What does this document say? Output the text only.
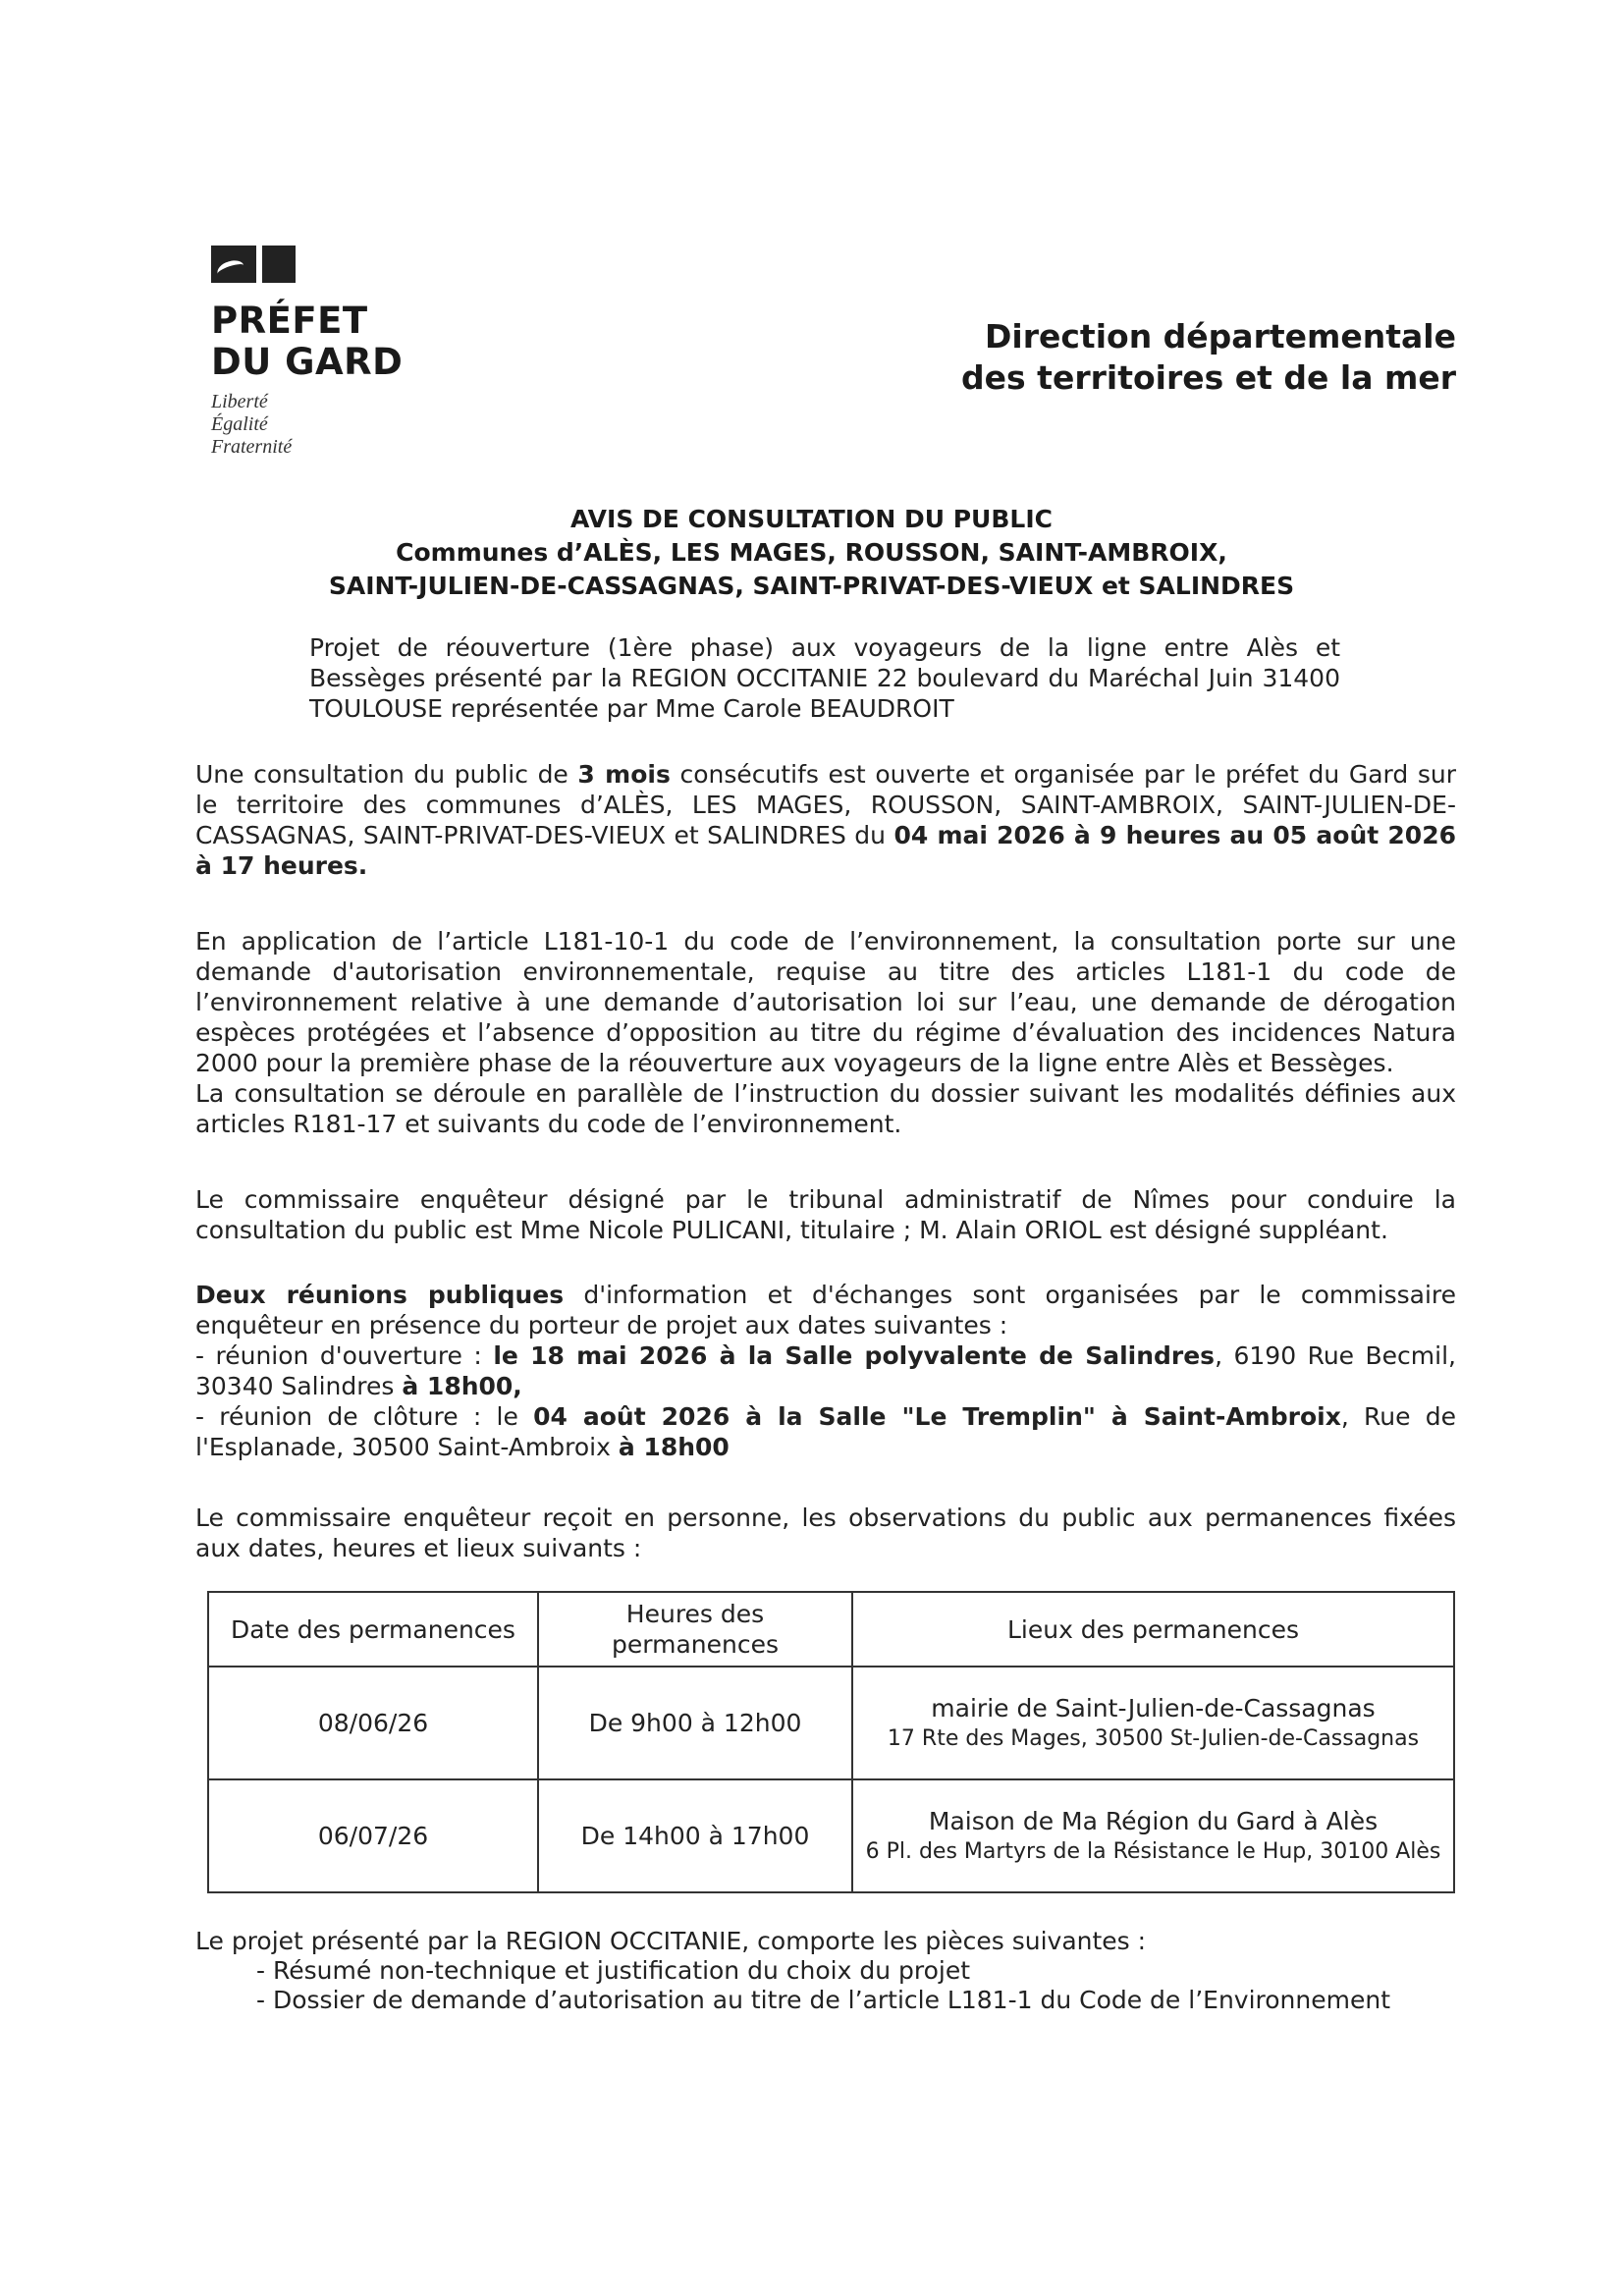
PRÉFET
DU GARD
Liberté
Égalité
Fraternité
Direction départementale
des territoires et de la mer
AVIS DE CONSULTATION DU PUBLIC
Communes d’ALÈS, LES MAGES, ROUSSON, SAINT-AMBROIX,
SAINT-JULIEN-DE-CASSAGNAS, SAINT-PRIVAT-DES-VIEUX et SALINDRES
Projet de réouverture (1ère phase) aux voyageurs de la ligne entre Alès et Bessèges présenté par la REGION OCCITANIE 22 boulevard du Maréchal Juin 31400 TOULOUSE représentée par Mme Carole BEAUDROIT

Une consultation du public de 3 mois consécutifs est ouverte et organisée par le préfet du Gard sur le territoire des communes d’ALÈS, LES MAGES, ROUSSON, SAINT-AMBROIX, SAINT-JULIEN-DE-CASSAGNAS, SAINT-PRIVAT-DES-VIEUX et SALINDRES du 04 mai 2026 à 9 heures au 05 août 2026 à 17 heures.

En application de l’article L181-10-1 du code de l’environnement, la consultation porte sur une demande d'autorisation environnementale, requise au titre des articles L181-1 du code de l’environnement relative à une demande d’autorisation loi sur l’eau, une demande de dérogation espèces protégées et l’absence d’opposition au titre du régime d’évaluation des incidences Natura 2000 pour la première phase de la réouverture aux voyageurs de la ligne entre Alès et Bessèges.

La consultation se déroule en parallèle de l’instruction du dossier suivant les modalités définies aux articles R181-17 et suivants du code de l’environnement.

Le commissaire enquêteur désigné par le tribunal administratif de Nîmes pour conduire la consultation du public est Mme Nicole PULICANI, titulaire ; M. Alain ORIOL est désigné suppléant.

Deux réunions publiques d'information et d'échanges sont organisées par le commissaire enquêteur en présence du porteur de projet aux dates suivantes :

- réunion d'ouverture : le 18 mai 2026 à la Salle polyvalente de Salindres, 6190 Rue Becmil, 30340 Salindres à 18h00,

- réunion de clôture : le 04 août 2026 à la Salle "Le Tremplin" à Saint-Ambroix, Rue de l'Esplanade, 30500 Saint-Ambroix à 18h00

Le commissaire enquêteur reçoit en personne, les observations du public aux permanences fixées aux dates, heures et lieux suivants :

Date des permanences	Heures des permanences	Lieux des permanences
08/06/26	De 9h00 à 12h00	mairie de Saint-Julien-de-Cassagnas
17 Rte des Mages, 30500 St-Julien-de-Cassagnas

06/07/26	De 14h00 à 17h00	Maison de Ma Région du Gard à Alès
6 Pl. des Martyrs de la Résistance le Hup, 30100 Alès
Le projet présenté par la REGION OCCITANIE, comporte les pièces suivantes :
- Résumé non-technique et justification du choix du projet
- Dossier de demande d’autorisation au titre de l’article L181-1 du Code de l’Environnement
